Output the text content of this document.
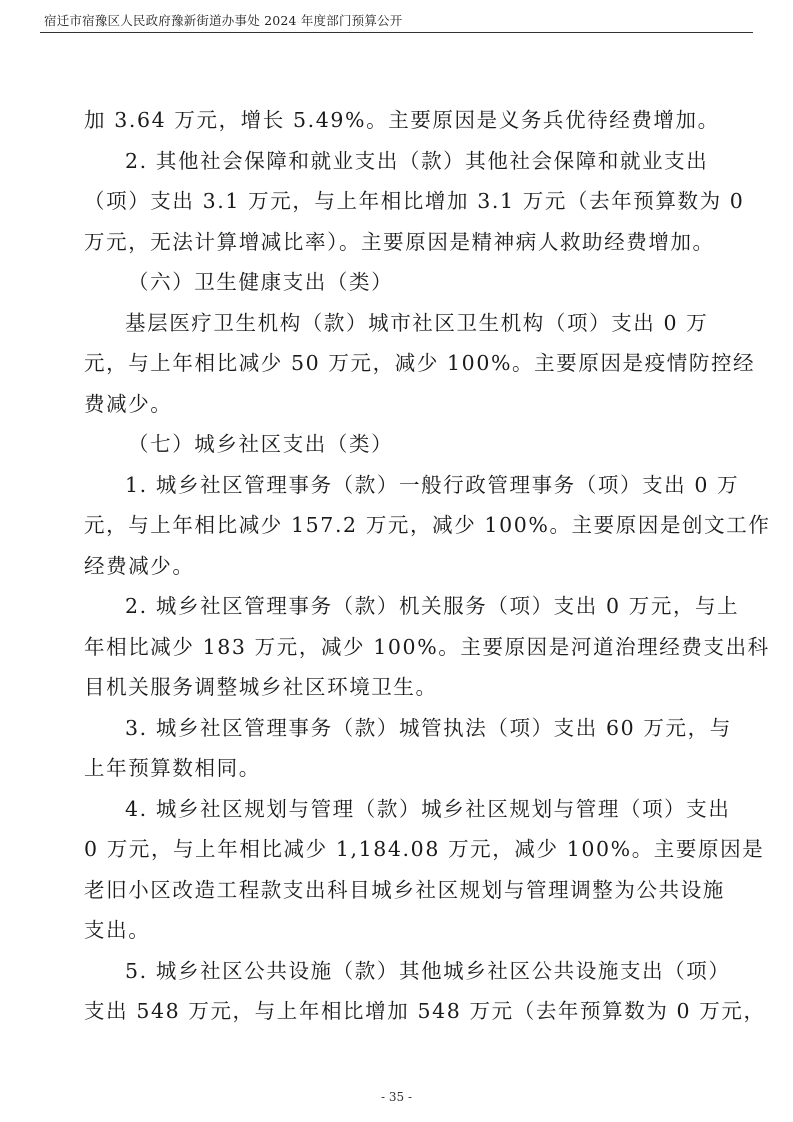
宿迁市宿豫区人民政府豫新街道办事处 2024 年度部门预算公开
加 3.64 万元，增长 5.49%。主要原因是义务兵优待经费增加。
2. 其他社会保障和就业支出（款）其他社会保障和就业支出
（项）支出 3.1 万元，与上年相比增加 3.1 万元（去年预算数为 0
万元，无法计算增减比率）。主要原因是精神病人救助经费增加。
（六）卫生健康支出（类）
基层医疗卫生机构（款）城市社区卫生机构（项）支出 0 万
元，与上年相比减少 50 万元，减少 100%。主要原因是疫情防控经
费减少。
（七）城乡社区支出（类）
1. 城乡社区管理事务（款）一般行政管理事务（项）支出 0 万
元，与上年相比减少 157.2 万元，减少 100%。主要原因是创文工作
经费减少。
2. 城乡社区管理事务（款）机关服务（项）支出 0 万元，与上
年相比减少 183 万元，减少 100%。主要原因是河道治理经费支出科
目机关服务调整城乡社区环境卫生。
3. 城乡社区管理事务（款）城管执法（项）支出 60 万元，与
上年预算数相同。
4. 城乡社区规划与管理（款）城乡社区规划与管理（项）支出
0 万元，与上年相比减少 1,184.08 万元，减少 100%。主要原因是
老旧小区改造工程款支出科目城乡社区规划与管理调整为公共设施
支出。
5. 城乡社区公共设施（款）其他城乡社区公共设施支出（项）
支出 548 万元，与上年相比增加 548 万元（去年预算数为 0 万元，
- 35 -
